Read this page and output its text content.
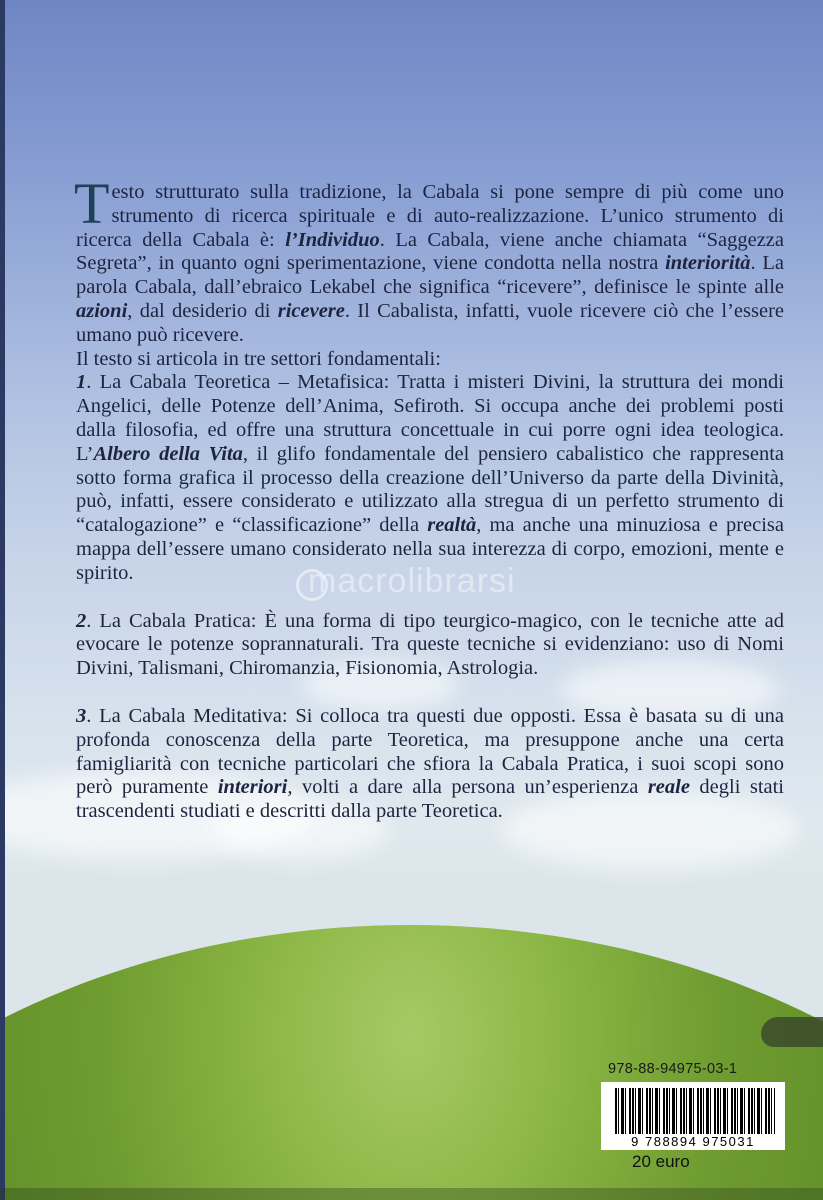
macrolibrarsi

Testo strutturato sulla tradizione, la Cabala si pone sempre di più come uno strumento di ricerca spirituale e di auto-realizzazione. L’unico strumento di ricerca della Cabala è: l’Individuo. La Cabala, viene anche chiamata “Saggezza Segreta”, in quanto ogni sperimentazione, viene condotta nella nostra interiorità. La parola Cabala, dall’ebraico Lekabel che significa “ricevere”, definisce le spinte alle azioni, dal desiderio di ricevere. Il Cabalista, infatti, vuole ricevere ciò che l’essere umano può ricevere.

Il testo si articola in tre settori fondamentali:

1. La Cabala Teoretica – Metafisica: Tratta i misteri Divini, la struttura dei mondi Angelici, delle Potenze dell’Anima, Sefiroth. Si occupa anche dei problemi posti dalla filosofia, ed offre una struttura concettuale in cui porre ogni idea teologica. L’Albero della Vita, il glifo fondamentale del pensiero cabalistico che rappresenta sotto forma grafica il processo della creazione dell’Universo da parte della Divinità, può, infatti, essere considerato e utilizzato alla stregua di un perfetto strumento di “catalogazione” e “classificazione” della realtà, ma anche una minuziosa e precisa mappa dell’essere umano considerato nella sua interezza di corpo, emozioni, mente e spirito.

2. La Cabala Pratica: È una forma di tipo teurgico-magico, con le tecniche atte ad evocare le potenze soprannaturali. Tra queste tecniche si evidenziano: uso di Nomi Divini, Talismani, Chiromanzia, Fisionomia, Astrologia.

3. La Cabala Meditativa: Si colloca tra questi due opposti. Essa è basata su di una profonda conoscenza della parte Teoretica, ma presuppone anche una certa famigliarità con tecniche particolari che sfiora la Cabala Pratica, i suoi scopi sono però puramente interiori, volti a dare alla persona un’esperienza reale degli stati trascendenti studiati e descritti dalla parte Teoretica.

978-88-94975-03-1
9 788894 975031
20 euro
